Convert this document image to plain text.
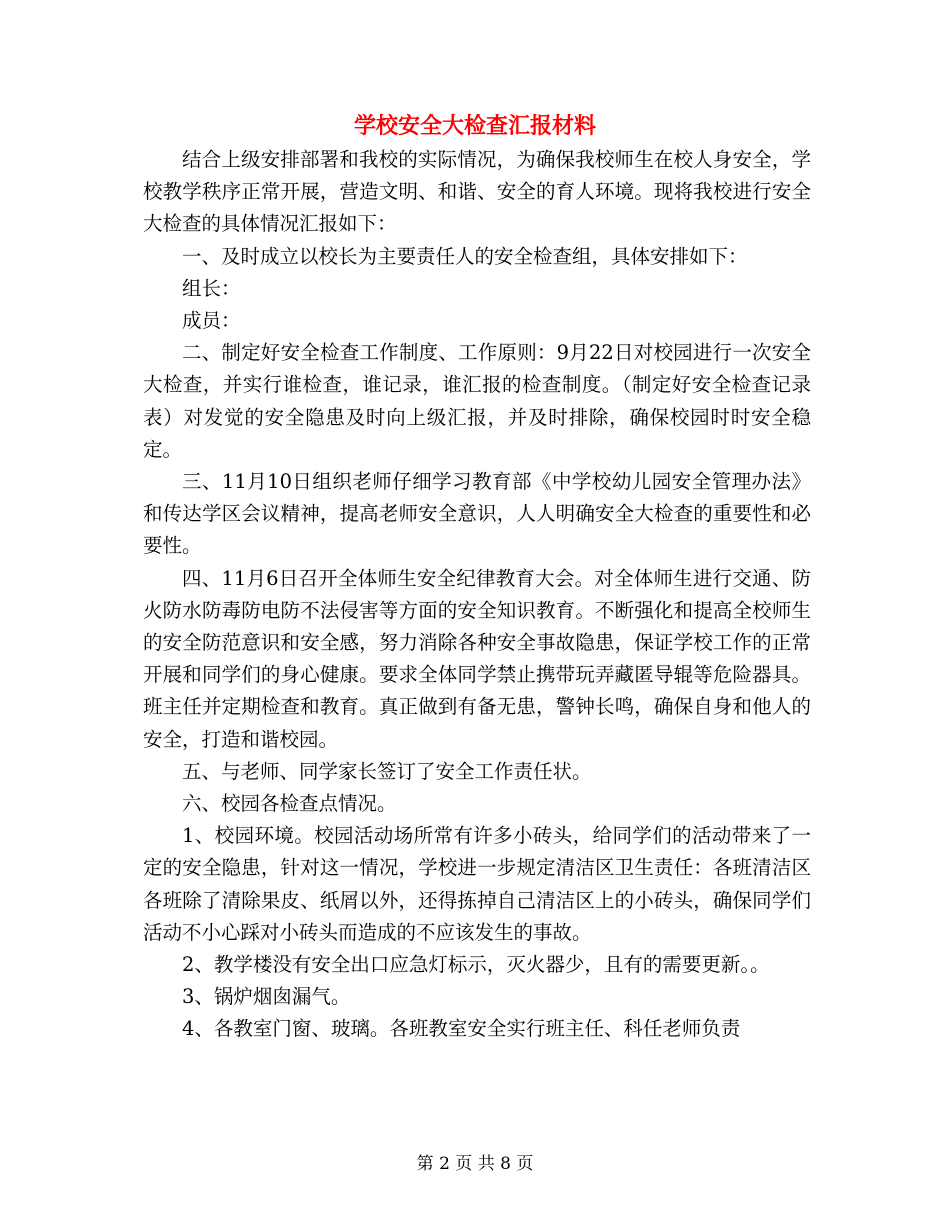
学校安全大检查汇报材料

结合上级安排部署和我校的实际情况，为确保我校师生在校人身安全，学校教学秩序正常开展，营造文明、和谐、安全的育人环境。现将我校进行安全大检查的具体情况汇报如下：

一、及时成立以校长为主要责任人的安全检查组，具体安排如下：

组长：

成员：

二、制定好安全检查工作制度、工作原则：9月22日对校园进行一次安全大检查，并实行谁检查，谁记录，谁汇报的检查制度。（制定好安全检查记录表）对发觉的安全隐患及时向上级汇报，并及时排除，确保校园时时安全稳定。

三、11月10日组织老师仔细学习教育部《中学校幼儿园安全管理办法》和传达学区会议精神，提高老师安全意识，人人明确安全大检查的重要性和必要性。

四、11月6日召开全体师生安全纪律教育大会。对全体师生进行交通、防火防水防毒防电防不法侵害等方面的安全知识教育。不断强化和提高全校师生的安全防范意识和安全感，努力消除各种安全事故隐患，保证学校工作的正常开展和同学们的身心健康。要求全体同学禁止携带玩弄藏匿导辊等危险器具。班主任并定期检查和教育。真正做到有备无患，警钟长鸣，确保自身和他人的安全，打造和谐校园。

五、与老师、同学家长签订了安全工作责任状。

六、校园各检查点情况。

1、校园环境。校园活动场所常有许多小砖头，给同学们的活动带来了一定的安全隐患，针对这一情况，学校进一步规定清洁区卫生责任：各班清洁区各班除了清除果皮、纸屑以外，还得拣掉自己清洁区上的小砖头，确保同学们活动不小心踩对小砖头而造成的不应该发生的事故。

2、教学楼没有安全出口应急灯标示，灭火器少，且有的需要更新。。

3、锅炉烟囱漏气。

4、各教室门窗、玻璃。各班教室安全实行班主任、科任老师负责

第 2 页 共 8 页
